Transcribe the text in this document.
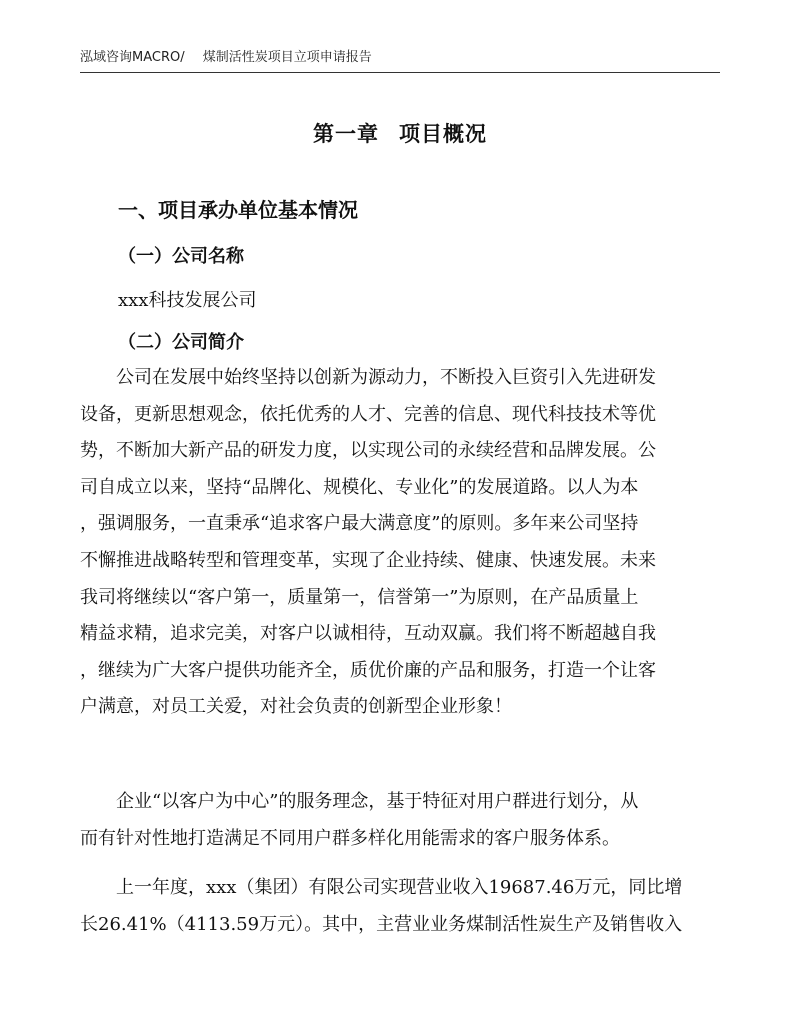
泓域咨询MACRO/ 煤制活性炭项目立项申请报告
第一章 项目概况
一、项目承办单位基本情况
（一）公司名称
xxx科技发展公司
（二）公司简介
　　公司在发展中始终坚持以创新为源动力，不断投入巨资引入先进研发
设备，更新思想观念，依托优秀的人才、完善的信息、现代科技技术等优
势，不断加大新产品的研发力度，以实现公司的永续经营和品牌发展。公
司自成立以来，坚持“品牌化、规模化、专业化”的发展道路。以人为本
，强调服务，一直秉承“追求客户最大满意度”的原则。多年来公司坚持
不懈推进战略转型和管理变革，实现了企业持续、健康、快速发展。未来
我司将继续以“客户第一，质量第一，信誉第一”为原则，在产品质量上
精益求精，追求完美，对客户以诚相待，互动双赢。我们将不断超越自我
，继续为广大客户提供功能齐全，质优价廉的产品和服务，打造一个让客
户满意，对员工关爱，对社会负责的创新型企业形象！
　　企业“以客户为中心”的服务理念，基于特征对用户群进行划分，从
而有针对性地打造满足不同用户群多样化用能需求的客户服务体系。
　　上一年度，xxx（集团）有限公司实现营业收入19687.46万元，同比增
长26.41%（4113.59万元）。其中，主营业业务煤制活性炭生产及销售收入
